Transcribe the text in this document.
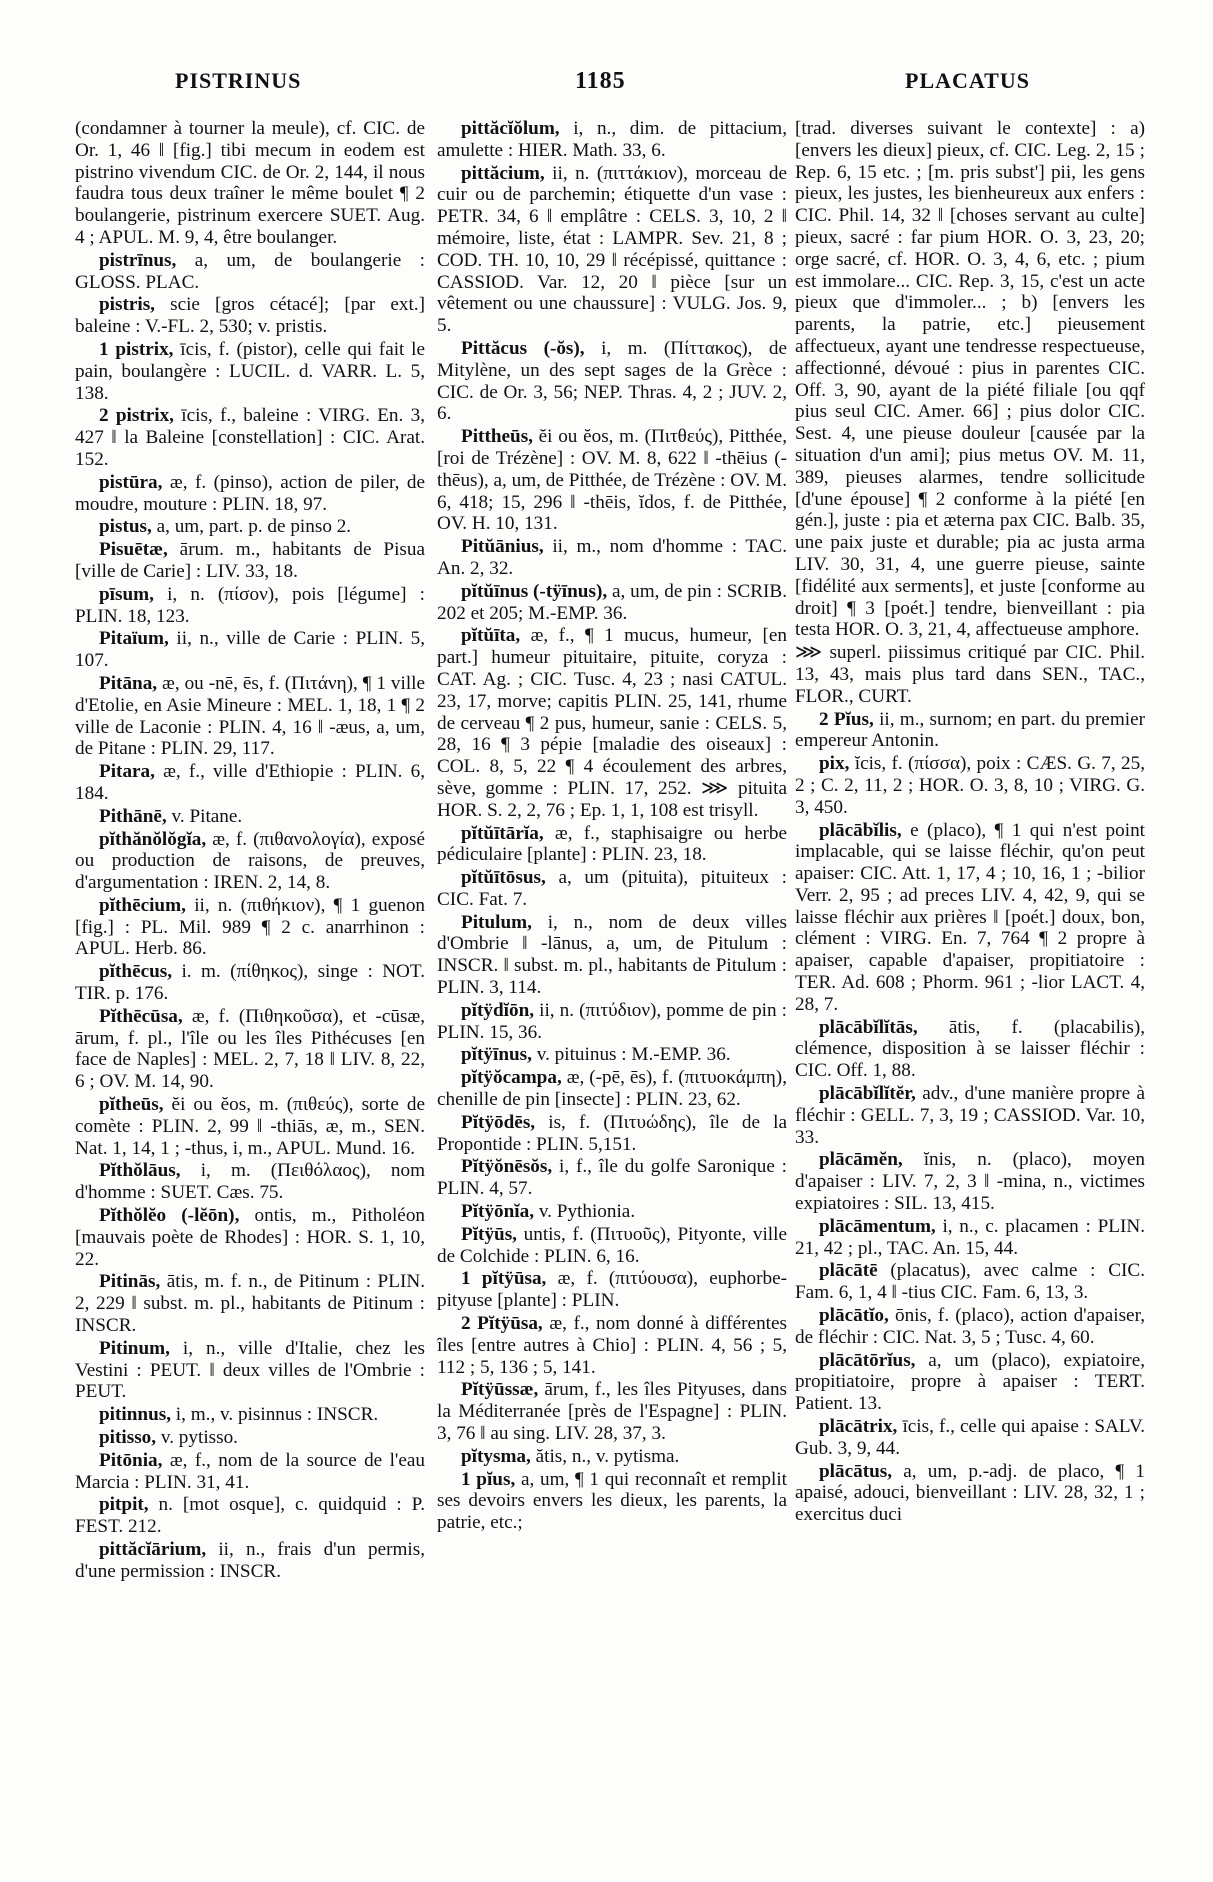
PISTRINUS	1185	PLACATUS

(condamner à tourner la meule), cf. CIC. de Or. 1, 46 ‖ [fig.] tibi mecum in eodem est pistrino vivendum CIC. de Or. 2, 144, il nous faudra tous deux traîner le même boulet ¶ 2 boulangerie, pistrinum exercere SUET. Aug. 4 ; APUL. M. 9, 4, être boulanger.

pistrīnus, a, um, de boulangerie : GLOSS. PLAC.

pistris, scie [gros cétacé]; [par ext.] baleine : V.-FL. 2, 530; v. pristis.

1 pistrix, īcis, f. (pistor), celle qui fait le pain, boulangère : LUCIL. d. VARR. L. 5, 138.

2 pistrix, īcis, f., baleine : VIRG. En. 3, 427 ‖ la Baleine [constellation] : CIC. Arat. 152.

pistūra, æ, f. (pinso), action de piler, de moudre, mouture : PLIN. 18, 97.

pistus, a, um, part. p. de pinso 2.

Pisuētæ, ārum. m., habitants de Pisua [ville de Carie] : LIV. 33, 18.

pīsum, i, n. (πίσον), pois [légume] : PLIN. 18, 123.

Pitaïum, ii, n., ville de Carie : PLIN. 5, 107.

Pitāna, æ, ou -nē, ēs, f. (Πιτάνη), ¶ 1 ville d'Etolie, en Asie Mineure : MEL. 1, 18, 1 ¶ 2 ville de Laconie : PLIN. 4, 16 ‖ -æus, a, um, de Pitane : PLIN. 29, 117.

Pitara, æ, f., ville d'Ethiopie : PLIN. 6, 184.

Pithānē, v. Pitane.

pĭthănŏlŏgĭa, æ, f. (πιθανολογία), exposé ou production de raisons, de preuves, d'argumentation : IREN. 2, 14, 8.

pĭthēcium, ii, n. (πιθήκιον), ¶ 1 guenon [fig.] : PL. Mil. 989 ¶ 2 c. anarrhinon : APUL. Herb. 86.

pĭthēcus, i. m. (πίθηκος), singe : NOT. TIR. p. 176.

Pĭthēcūsa, æ, f. (Πιθηκοῦσα), et -cūsæ, ārum, f. pl., l'île ou les îles Pithécuses [en face de Naples] : MEL. 2, 7, 18 ‖ LIV. 8, 22, 6 ; OV. M. 14, 90.

pĭtheūs, ĕi ou ĕos, m. (πιθεύς), sorte de comète : PLIN. 2, 99 ‖ -thiās, æ, m., SEN. Nat. 1, 14, 1 ; -thus, i, m., APUL. Mund. 16.

Pĭthŏlāus, i, m. (Πειθόλαος), nom d'homme : SUET. Cæs. 75.

Pĭthŏlĕo (-lĕōn), ontis, m., Pitholéon [mauvais poète de Rhodes] : HOR. S. 1, 10, 22.

Pitinās, ātis, m. f. n., de Pitinum : PLIN. 2, 229 ‖ subst. m. pl., habitants de Pitinum : INSCR.

Pitinum, i, n., ville d'Italie, chez les Vestini : PEUT. ‖ deux villes de l'Ombrie : PEUT.

pitinnus, i, m., v. pisinnus : INSCR.

pitisso, v. pytisso.

Pitōnia, æ, f., nom de la source de l'eau Marcia : PLIN. 31, 41.

pitpit, n. [mot osque], c. quidquid : P. FEST. 212.

pittăcĭārium, ii, n., frais d'un permis, d'une permission : INSCR.

pittăcĭŏlum, i, n., dim. de pittacium, amulette : HIER. Math. 33, 6.

pittăcium, ii, n. (πιττάκιον), morceau de cuir ou de parchemin; étiquette d'un vase : PETR. 34, 6 ‖ emplâtre : CELS. 3, 10, 2 ‖ mémoire, liste, état : LAMPR. Sev. 21, 8 ; COD. TH. 10, 10, 29 ‖ récépissé, quittance : CASSIOD. Var. 12, 20 ‖ pièce [sur un vêtement ou une chaussure] : VULG. Jos. 9, 5.

Pittăcus (-ŏs), i, m. (Πίττακος), de Mitylène, un des sept sages de la Grèce : CIC. de Or. 3, 56; NEP. Thras. 4, 2 ; JUV. 2, 6.

Pittheūs, ĕi ou ĕos, m. (Πιτθεύς), Pitthée, [roi de Trézène] : OV. M. 8, 622 ‖ -thēius (-thēus), a, um, de Pitthée, de Trézène : OV. M. 6, 418; 15, 296 ‖ -thēis, ĭdos, f. de Pitthée, OV. H. 10, 131.

Pitŭānius, ii, m., nom d'homme : TAC. An. 2, 32.

pĭtŭīnus (-tÿīnus), a, um, de pin : SCRIB. 202 et 205; M.-EMP. 36.

pĭtŭīta, æ, f., ¶ 1 mucus, humeur, [en part.] humeur pituitaire, pituite, coryza : CAT. Ag. ; CIC. Tusc. 4, 23 ; nasi CATUL. 23, 17, morve; capitis PLIN. 25, 141, rhume de cerveau ¶ 2 pus, humeur, sanie : CELS. 5, 28, 16 ¶ 3 pépie [maladie des oiseaux] : COL. 8, 5, 22 ¶ 4 écoulement des arbres, sève, gomme : PLIN. 17, 252. ⋙ pituita HOR. S. 2, 2, 76 ; Ep. 1, 1, 108 est trisyll.

pĭtŭītārĭa, æ, f., staphisaigre ou herbe pédiculaire [plante] : PLIN. 23, 18.

pĭtŭītōsus, a, um (pituita), pituiteux : CIC. Fat. 7.

Pitulum, i, n., nom de deux villes d'Ombrie ‖ -lānus, a, um, de Pitulum : INSCR. ‖ subst. m. pl., habitants de Pitulum : PLIN. 3, 114.

pĭtÿdĭōn, ii, n. (πιτύδιον), pomme de pin : PLIN. 15, 36.

pĭtÿīnus, v. pituinus : M.-EMP. 36.

pĭtÿŏcampa, æ, (-pē, ēs), f. (πιτυοκάμπη), chenille de pin [insecte] : PLIN. 23, 62.

Pĭtÿōdēs, is, f. (Πιτυώδης), île de la Propontide : PLIN. 5,151.

Pĭtÿŏnēsŏs, i, f., île du golfe Saronique : PLIN. 4, 57.

Pĭtÿōnĭa, v. Pythionia.

Pĭtÿūs, untis, f. (Πιτυοῦς), Pityonte, ville de Colchide : PLIN. 6, 16.

1 pĭtÿūsa, æ, f. (πιτύουσα), euphorbe-pityuse [plante] : PLIN.

2 Pĭtÿūsa, æ, f., nom donné à différentes îles [entre autres à Chio] : PLIN. 4, 56 ; 5, 112 ; 5, 136 ; 5, 141.

Pĭtÿūssæ, ārum, f., les îles Pityuses, dans la Méditerranée [près de l'Espagne] : PLIN. 3, 76 ‖ au sing. LIV. 28, 37, 3.

pĭtysma, ătis, n., v. pytisma.

1 pĭus, a, um, ¶ 1 qui reconnaît et remplit ses devoirs envers les dieux, les parents, la patrie, etc.;

[trad. diverses suivant le contexte] : a) [envers les dieux] pieux, cf. CIC. Leg. 2, 15 ; Rep. 6, 15 etc. ; [m. pris subst'] pii, les gens pieux, les justes, les bienheureux aux enfers : CIC. Phil. 14, 32 ‖ [choses servant au culte] pieux, sacré : far pium HOR. O. 3, 23, 20; orge sacré, cf. HOR. O. 3, 4, 6, etc. ; pium est immolare... CIC. Rep. 3, 15, c'est un acte pieux que d'immoler... ; b) [envers les parents, la patrie, etc.] pieusement affectueux, ayant une tendresse respectueuse, affectionné, dévoué : pius in parentes CIC. Off. 3, 90, ayant de la piété filiale [ou qqf pius seul CIC. Amer. 66] ; pius dolor CIC. Sest. 4, une pieuse douleur [causée par la situation d'un ami]; pius metus OV. M. 11, 389, pieuses alarmes, tendre sollicitude [d'une épouse] ¶ 2 conforme à la piété [en gén.], juste : pia et æterna pax CIC. Balb. 35, une paix juste et durable; pia ac justa arma LIV. 30, 31, 4, une guerre pieuse, sainte [fidélité aux serments], et juste [conforme au droit] ¶ 3 [poét.] tendre, bienveillant : pia testa HOR. O. 3, 21, 4, affectueuse amphore.

⋙ superl. piissimus critiqué par CIC. Phil. 13, 43, mais plus tard dans SEN., TAC., FLOR., CURT.

2 Pĭus, ii, m., surnom; en part. du premier empereur Antonin.

pix, ĭcis, f. (πίσσα), poix : CÆS. G. 7, 25, 2 ; C. 2, 11, 2 ; HOR. O. 3, 8, 10 ; VIRG. G. 3, 450.

plācābĭlis, e (placo), ¶ 1 qui n'est point implacable, qui se laisse fléchir, qu'on peut apaiser: CIC. Att. 1, 17, 4 ; 10, 16, 1 ; -bilior Verr. 2, 95 ; ad preces LIV. 4, 42, 9, qui se laisse fléchir aux prières ‖ [poét.] doux, bon, clément : VIRG. En. 7, 764 ¶ 2 propre à apaiser, capable d'apaiser, propitiatoire : TER. Ad. 608 ; Phorm. 961 ; -lior LACT. 4, 28, 7.

plācābĭlĭtās, ātis, f. (placabilis), clémence, disposition à se laisser fléchir : CIC. Off. 1, 88.

plācābĭlĭtĕr, adv., d'une manière propre à fléchir : GELL. 7, 3, 19 ; CASSIOD. Var. 10, 33.

plācāmĕn, ĭnis, n. (placo), moyen d'apaiser : LIV. 7, 2, 3 ‖ -mina, n., victimes expiatoires : SIL. 13, 415.

plācāmentum, i, n., c. placamen : PLIN. 21, 42 ; pl., TAC. An. 15, 44.

plācātē (placatus), avec calme : CIC. Fam. 6, 1, 4 ‖ -tius CIC. Fam. 6, 13, 3.

plācātĭo, ōnis, f. (placo), action d'apaiser, de fléchir : CIC. Nat. 3, 5 ; Tusc. 4, 60.

plācātōrĭus, a, um (placo), expiatoire, propitiatoire, propre à apaiser : TERT. Patient. 13.

plācātrix, īcis, f., celle qui apaise : SALV. Gub. 3, 9, 44.

plācātus, a, um, p.-adj. de placo, ¶ 1 apaisé, adouci, bienveillant : LIV. 28, 32, 1 ; exercitus duci
